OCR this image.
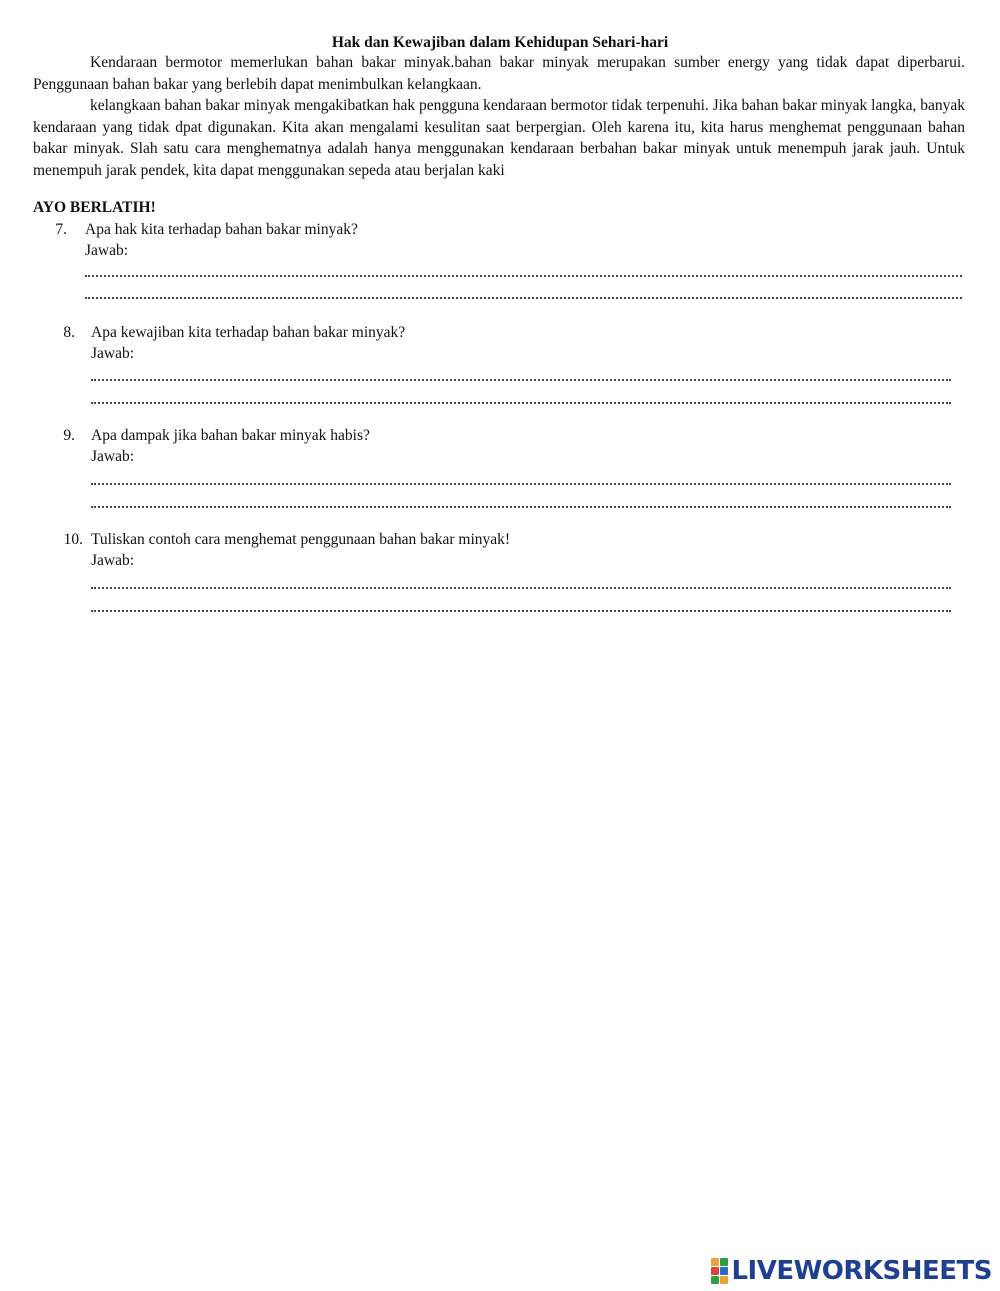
Hak dan Kewajiban dalam Kehidupan Sehari-hari

Kendaraan bermotor memerlukan bahan bakar minyak.bahan bakar minyak merupakan sumber energy yang tidak dapat diperbarui. Penggunaan bahan bakar yang berlebih dapat menimbulkan kelangkaan.

kelangkaan bahan bakar minyak mengakibatkan hak pengguna kendaraan bermotor tidak terpenuhi. Jika bahan bakar minyak langka, banyak kendaraan yang tidak dpat digunakan. Kita akan mengalami kesulitan saat berpergian. Oleh karena itu, kita harus menghemat penggunaan bahan bakar minyak. Slah satu cara menghematnya adalah hanya menggunakan kendaraan berbahan bakar minyak untuk menempuh jarak jauh. Untuk menempuh jarak pendek, kita dapat menggunakan sepeda atau berjalan kaki

AYO BERLATIH!
7. Apa hak kita terhadap bahan bakar minyak?
Jawab:
8. Apa kewajiban kita terhadap bahan bakar minyak?
Jawab:
9. Apa dampak jika bahan bakar minyak habis?
Jawab:
10. Tuliskan contoh cara menghemat penggunaan bahan bakar minyak!
Jawab:
LIVEWORKSHEETS
